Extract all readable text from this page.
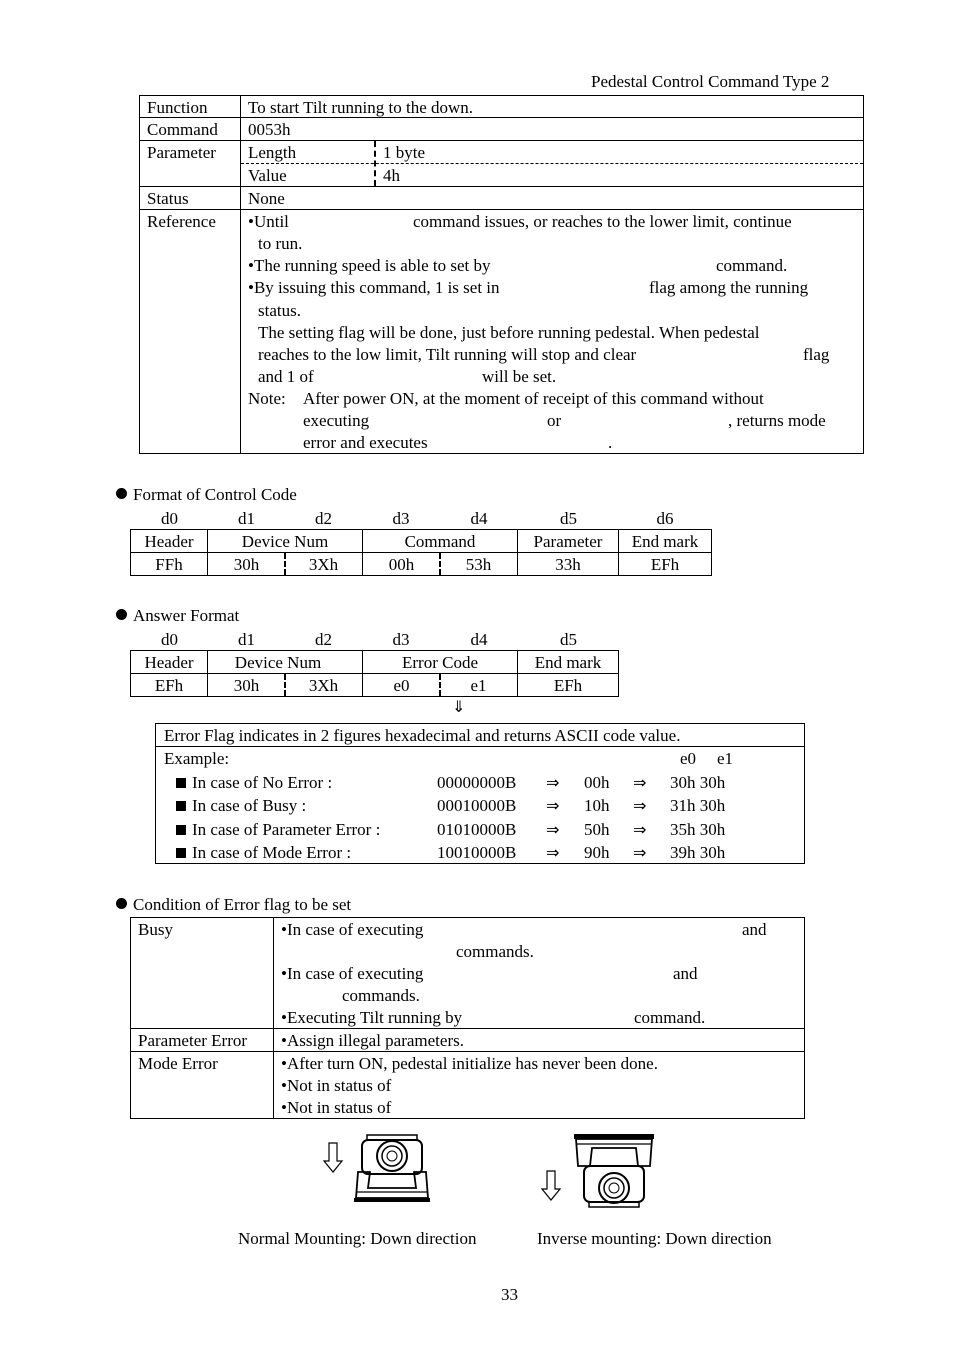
Pedestal Control Command Type 2
Function To start Tilt running to the down.
Command 0053h
Parameter Length	1 byte
Value	4h
Status	None
Reference •Until	command issues, or reaches to the lower limit, continue
to run.
•The running speed is able to set by	command.
•By issuing this command, 1 is set in	flag among the running
status.
The setting flag will be done, just before running pedestal. When pedestal
reaches to the low limit, Tilt running will stop and clear	flag
and 1 of	will be set.
Note: After power ON, at the moment of receipt of this command without
executing	or	, returns mode
error and executes	.
Format of Control Code
d0	d1	d2	d3	d4	d5	d6
Header	Device Num	Command	Parameter	End mark
FFh	30h	3Xh	00h	53h	33h	EFh
Answer Format
d0	d1	d2	d3	d4	d5
Header	Device Num	Error Code	End mark
EFh	30h	3Xh	e0	e1	EFh
⇓
Error Flag indicates in 2 figures hexadecimal and returns ASCII code value.
Example:	e0 e1
In case of No Error :	00000000B ⇒ 00h ⇒ 30h 30h
In case of Busy :	00010000B ⇒ 10h ⇒ 31h 30h
In case of Parameter Error :	01010000B ⇒ 50h ⇒ 35h 30h
In case of Mode Error :	10010000B ⇒ 90h ⇒ 39h 30h
Condition of Error flag to be set
Busy	•In case of executing	and
commands.
•In case of executing	and
commands.
•Executing Tilt running by	command.
Parameter Error •Assign illegal parameters.
Mode Error	•After turn ON, pedestal initialize has never been done.
•Not in status of
•Not in status of
Normal Mounting: Down direction	Inverse mounting: Down direction
33
